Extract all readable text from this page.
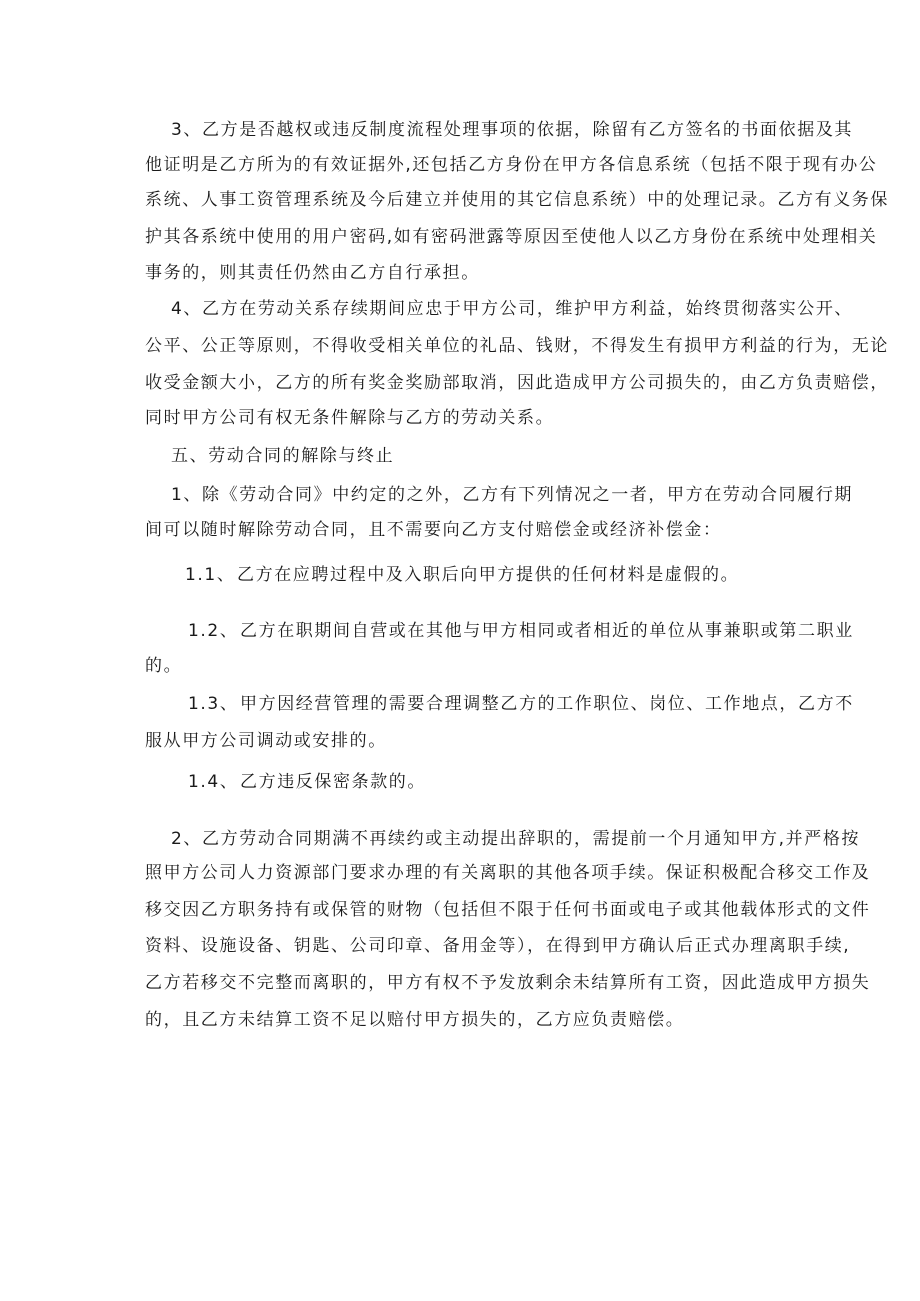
3、乙方是否越权或违反制度流程处理事项的依据，除留有乙方签名的书面依据及其
他证明是乙方所为的有效证据外,还包括乙方身份在甲方各信息系统（包括不限于现有办公
系统、人事工资管理系统及今后建立并使用的其它信息系统）中的处理记录。乙方有义务保
护其各系统中使用的用户密码,如有密码泄露等原因至使他人以乙方身份在系统中处理相关
事务的，则其责任仍然由乙方自行承担。
4、乙方在劳动关系存续期间应忠于甲方公司，维护甲方利益，始终贯彻落实公开、
公平、公正等原则，不得收受相关单位的礼品、钱财，不得发生有损甲方利益的行为，无论
收受金额大小，乙方的所有奖金奖励部取消，因此造成甲方公司损失的，由乙方负责赔偿，
同时甲方公司有权无条件解除与乙方的劳动关系。
五、劳动合同的解除与终止
1、除《劳动合同》中约定的之外，乙方有下列情况之一者，甲方在劳动合同履行期
间可以随时解除劳动合同，且不需要向乙方支付赔偿金或经济补偿金：
1.1、乙方在应聘过程中及入职后向甲方提供的任何材料是虚假的。
1.2、乙方在职期间自营或在其他与甲方相同或者相近的单位从事兼职或第二职业
的。
1.3、甲方因经营管理的需要合理调整乙方的工作职位、岗位、工作地点，乙方不
服从甲方公司调动或安排的。
1.4、乙方违反保密条款的。
2、乙方劳动合同期满不再续约或主动提出辞职的，需提前一个月通知甲方,并严格按
照甲方公司人力资源部门要求办理的有关离职的其他各项手续。保证积极配合移交工作及
移交因乙方职务持有或保管的财物（包括但不限于任何书面或电子或其他载体形式的文件
资料、设施设备、钥匙、公司印章、备用金等），在得到甲方确认后正式办理离职手续,
乙方若移交不完整而离职的，甲方有权不予发放剩余未结算所有工资，因此造成甲方损失
的，且乙方未结算工资不足以赔付甲方损失的，乙方应负责赔偿。
